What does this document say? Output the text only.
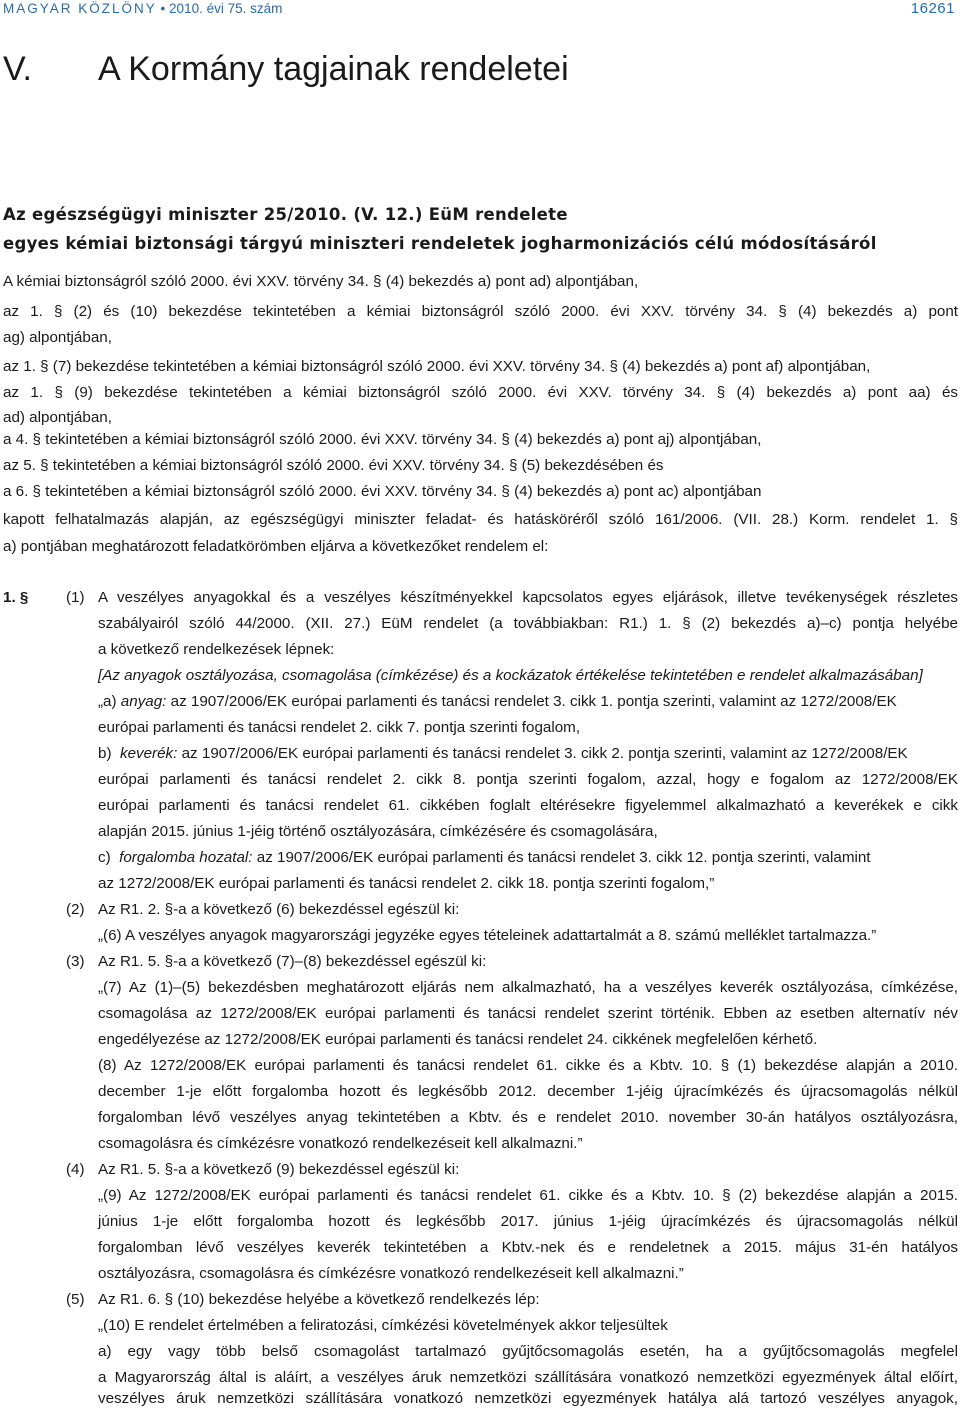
MAGYAR KÖZLÖNY • 2010. évi 75. szám	16261
V. A Kormány tagjainak rendeletei
Az egészségügyi miniszter 25/2010. (V. 12.) EüM rendelete
egyes kémiai biztonsági tárgyú miniszteri rendeletek jogharmonizációs célú módosításáról
A kémiai biztonságról szóló 2000. évi XXV. törvény 34. § (4) bekezdés a) pont ad) alpontjában,
az 1. § (2) és (10) bekezdése tekintetében a kémiai biztonságról szóló 2000. évi XXV. törvény 34. § (4) bekezdés a) pont
ag) alpontjában,
az 1. § (7) bekezdése tekintetében a kémiai biztonságról szóló 2000. évi XXV. törvény 34. § (4) bekezdés a) pont af) alpontjában,
az 1. § (9) bekezdése tekintetében a kémiai biztonságról szóló 2000. évi XXV. törvény 34. § (4) bekezdés a) pont aa) és
ad) alpontjában,
a 4. § tekintetében a kémiai biztonságról szóló 2000. évi XXV. törvény 34. § (4) bekezdés a) pont aj) alpontjában,
az 5. § tekintetében a kémiai biztonságról szóló 2000. évi XXV. törvény 34. § (5) bekezdésében és
a 6. § tekintetében a kémiai biztonságról szóló 2000. évi XXV. törvény 34. § (4) bekezdés a) pont ac) alpontjában
kapott felhatalmazás alapján, az egészségügyi miniszter feladat- és hatásköréről szóló 161/2006. (VII. 28.) Korm. rendelet 1. §
a) pontjában meghatározott feladatkörömben eljárva a következőket rendelem el:
1. § (1) A veszélyes anyagokkal és a veszélyes készítményekkel kapcsolatos egyes eljárások, illetve tevékenységek részletes
szabályairól szóló 44/2000. (XII. 27.) EüM rendelet (a továbbiakban: R1.) 1. § (2) bekezdés a)–c) pontja helyébe
a következő rendelkezések lépnek:
[Az anyagok osztályozása, csomagolása (címkézése) és a kockázatok értékelése tekintetében e rendelet alkalmazásában]
„a) anyag: az 1907/2006/EK európai parlamenti és tanácsi rendelet 3. cikk 1. pontja szerinti, valamint az 1272/2008/EK
európai parlamenti és tanácsi rendelet 2. cikk 7. pontja szerinti fogalom,
b) keverék: az 1907/2006/EK európai parlamenti és tanácsi rendelet 3. cikk 2. pontja szerinti, valamint az 1272/2008/EK
európai parlamenti és tanácsi rendelet 2. cikk 8. pontja szerinti fogalom, azzal, hogy e fogalom az 1272/2008/EK
európai parlamenti és tanácsi rendelet 61. cikkében foglalt eltérésekre figyelemmel alkalmazható a keverékek e cikk
alapján 2015. június 1-jéig történő osztályozására, címkézésére és csomagolására,
c) forgalomba hozatal: az 1907/2006/EK európai parlamenti és tanácsi rendelet 3. cikk 12. pontja szerinti, valamint
az 1272/2008/EK európai parlamenti és tanácsi rendelet 2. cikk 18. pontja szerinti fogalom,”
(2) Az R1. 2. §-a a következő (6) bekezdéssel egészül ki:
„(6) A veszélyes anyagok magyarországi jegyzéke egyes tételeinek adattartalmát a 8. számú melléklet tartalmazza.”
(3) Az R1. 5. §-a a következő (7)–(8) bekezdéssel egészül ki:
„(7) Az (1)–(5) bekezdésben meghatározott eljárás nem alkalmazható, ha a veszélyes keverék osztályozása, címkézése,
csomagolása az 1272/2008/EK európai parlamenti és tanácsi rendelet szerint történik. Ebben az esetben alternatív név
engedélyezése az 1272/2008/EK európai parlamenti és tanácsi rendelet 24. cikkének megfelelően kérhető.
(8) Az 1272/2008/EK európai parlamenti és tanácsi rendelet 61. cikke és a Kbtv. 10. § (1) bekezdése alapján a 2010.
december 1-je előtt forgalomba hozott és legkésőbb 2012. december 1-jéig újracímkézés és újracsomagolás nélkül
forgalomban lévő veszélyes anyag tekintetében a Kbtv. és e rendelet 2010. november 30-án hatályos osztályozásra,
csomagolásra és címkézésre vonatkozó rendelkezéseit kell alkalmazni.”
(4) Az R1. 5. §-a a következő (9) bekezdéssel egészül ki:
„(9) Az 1272/2008/EK európai parlamenti és tanácsi rendelet 61. cikke és a Kbtv. 10. § (2) bekezdése alapján a 2015.
június 1-je előtt forgalomba hozott és legkésőbb 2017. június 1-jéig újracímkézés és újracsomagolás nélkül
forgalomban lévő veszélyes keverék tekintetében a Kbtv.-nek és e rendeletnek a 2015. május 31-én hatályos
osztályozásra, csomagolásra és címkézésre vonatkozó rendelkezéseit kell alkalmazni.”
(5) Az R1. 6. § (10) bekezdése helyébe a következő rendelkezés lép:
„(10) E rendelet értelmében a feliratozási, címkézési követelmények akkor teljesültek
a) egy vagy több belső csomagolást tartalmazó gyűjtőcsomagolás esetén, ha a gyűjtőcsomagolás megfelel
a Magyarország által is aláírt, a veszélyes áruk nemzetközi szállítására vonatkozó nemzetközi egyezmények által előírt,
veszélyes áruk nemzetközi szállítására vonatkozó nemzetközi egyezmények hatálya alá tartozó veszélyes anyagok,
